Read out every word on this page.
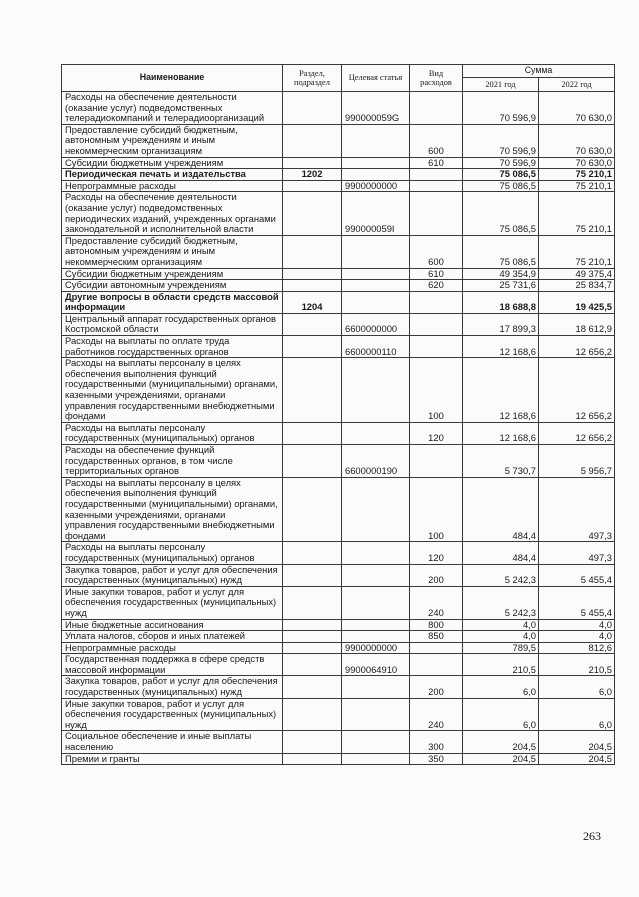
Наименование	Раздел, подраздел	Целевая статья	Вид расходов	Сумма	
				2021 год	2022 год
Расходы на обеспечение деятельности (оказание услуг) подведомственных телерадиокомпаний и телерадиоорганизаций		990000059G		70 596,9	70 630,0
Предоставление субсидий бюджетным, автономным учреждениям и иным некоммерческим организациям			600	70 596,9	70 630,0
Субсидии бюджетным учреждениям			610	70 596,9	70 630,0
Периодическая печать и издательства	1202			75 086,5	75 210,1
Непрограммные расходы		9900000000		75 086,5	75 210,1
Расходы на обеспечение деятельности (оказание услуг) подведомственных периодических изданий, учрежденных органами законодательной и исполнительной власти		990000059I		75 086,5	75 210,1
Предоставление субсидий бюджетным, автономным учреждениям и иным некоммерческим организациям			600	75 086,5	75 210,1
Субсидии бюджетным учреждениям			610	49 354,9	49 375,4
Субсидии автономным учреждениям			620	25 731,6	25 834,7
Другие вопросы в области средств массовой информации	1204			18 688,8	19 425,5
Центральный аппарат государственных органов Костромской области		6600000000		17 899,3	18 612,9
Расходы на выплаты по оплате труда работников государственных органов		6600000110		12 168,6	12 656,2
Расходы на выплаты персоналу в целях обеспечения выполнения функций государственными (муниципальными) органами, казенными учреждениями, органами управления государственными внебюджетными фондами			100	12 168,6	12 656,2
Расходы на выплаты персоналу государственных (муниципальных) органов			120	12 168,6	12 656,2
Расходы на обеспечение функций государственных органов, в том числе территориальных органов		6600000190		5 730,7	5 956,7
Расходы на выплаты персоналу в целях обеспечения выполнения функций государственными (муниципальными) органами, казенными учреждениями, органами управления государственными внебюджетными фондами			100	484,4	497,3
Расходы на выплаты персоналу государственных (муниципальных) органов			120	484,4	497,3
Закупка товаров, работ и услуг для обеспечения государственных (муниципальных) нужд			200	5 242,3	5 455,4
Иные закупки товаров, работ и услуг для обеспечения государственных (муниципальных) нужд			240	5 242,3	5 455,4
Иные бюджетные ассигнования			800	4,0	4,0
Уплата налогов, сборов и иных платежей			850	4,0	4,0
Непрограммные расходы		9900000000		789,5	812,6
Государственная поддержка в сфере средств массовой информации		9900064910		210,5	210,5
Закупка товаров, работ и услуг для обеспечения государственных (муниципальных) нужд			200	6,0	6,0
Иные закупки товаров, работ и услуг для обеспечения государственных (муниципальных) нужд			240	6,0	6,0
Социальное обеспечение и иные выплаты населению			300	204,5	204,5
Премии и гранты			350	204,5	204,5
263
